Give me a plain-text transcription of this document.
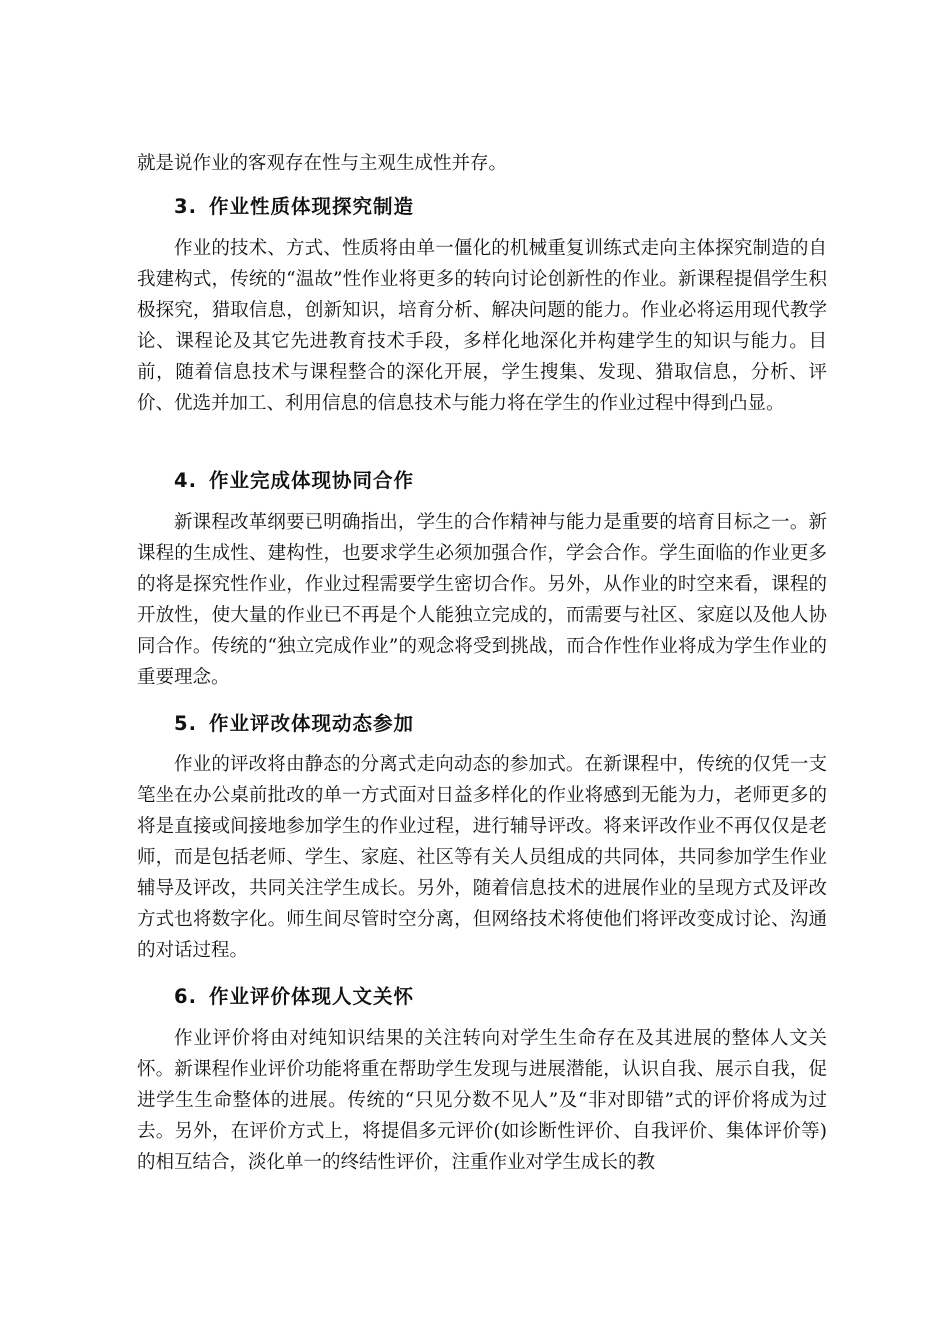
就是说作业的客观存在性与主观生成性并存。

3. 作业性质体现探究制造

作业的技术、方式、性质将由单一僵化的机械重复训练式走向主体探究制造的自我建构式，传统的“温故”性作业将更多的转向讨论创新性的作业。新课程提倡学生积极探究，猎取信息，创新知识，培育分析、解决问题的能力。作业必将运用现代教学论、课程论及其它先进教育技术手段，多样化地深化并构建学生的知识与能力。目前，随着信息技术与课程整合的深化开展，学生搜集、发现、猎取信息，分析、评价、优选并加工、利用信息的信息技术与能力将在学生的作业过程中得到凸显。

4. 作业完成体现协同合作

新课程改革纲要已明确指出，学生的合作精神与能力是重要的培育目标之一。新课程的生成性、建构性，也要求学生必须加强合作，学会合作。学生面临的作业更多的将是探究性作业，作业过程需要学生密切合作。另外，从作业的时空来看，课程的开放性，使大量的作业已不再是个人能独立完成的，而需要与社区、家庭以及他人协同合作。传统的“独立完成作业”的观念将受到挑战，而合作性作业将成为学生作业的重要理念。

5. 作业评改体现动态参加

作业的评改将由静态的分离式走向动态的参加式。在新课程中，传统的仅凭一支笔坐在办公桌前批改的单一方式面对日益多样化的作业将感到无能为力，老师更多的将是直接或间接地参加学生的作业过程，进行辅导评改。将来评改作业不再仅仅是老师，而是包括老师、学生、家庭、社区等有关人员组成的共同体，共同参加学生作业辅导及评改，共同关注学生成长。另外，随着信息技术的进展作业的呈现方式及评改方式也将数字化。师生间尽管时空分离，但网络技术将使他们将评改变成讨论、沟通的对话过程。

6. 作业评价体现人文关怀

作业评价将由对纯知识结果的关注转向对学生生命存在及其进展的整体人文关怀。新课程作业评价功能将重在帮助学生发现与进展潜能，认识自我、展示自我，促进学生生命整体的进展。传统的“只见分数不见人”及“非对即错”式的评价将成为过去。另外，在评价方式上，将提倡多元评价(如诊断性评价、自我评价、集体评价等)的相互结合，淡化单一的终结性评价，注重作业对学生成长的教
